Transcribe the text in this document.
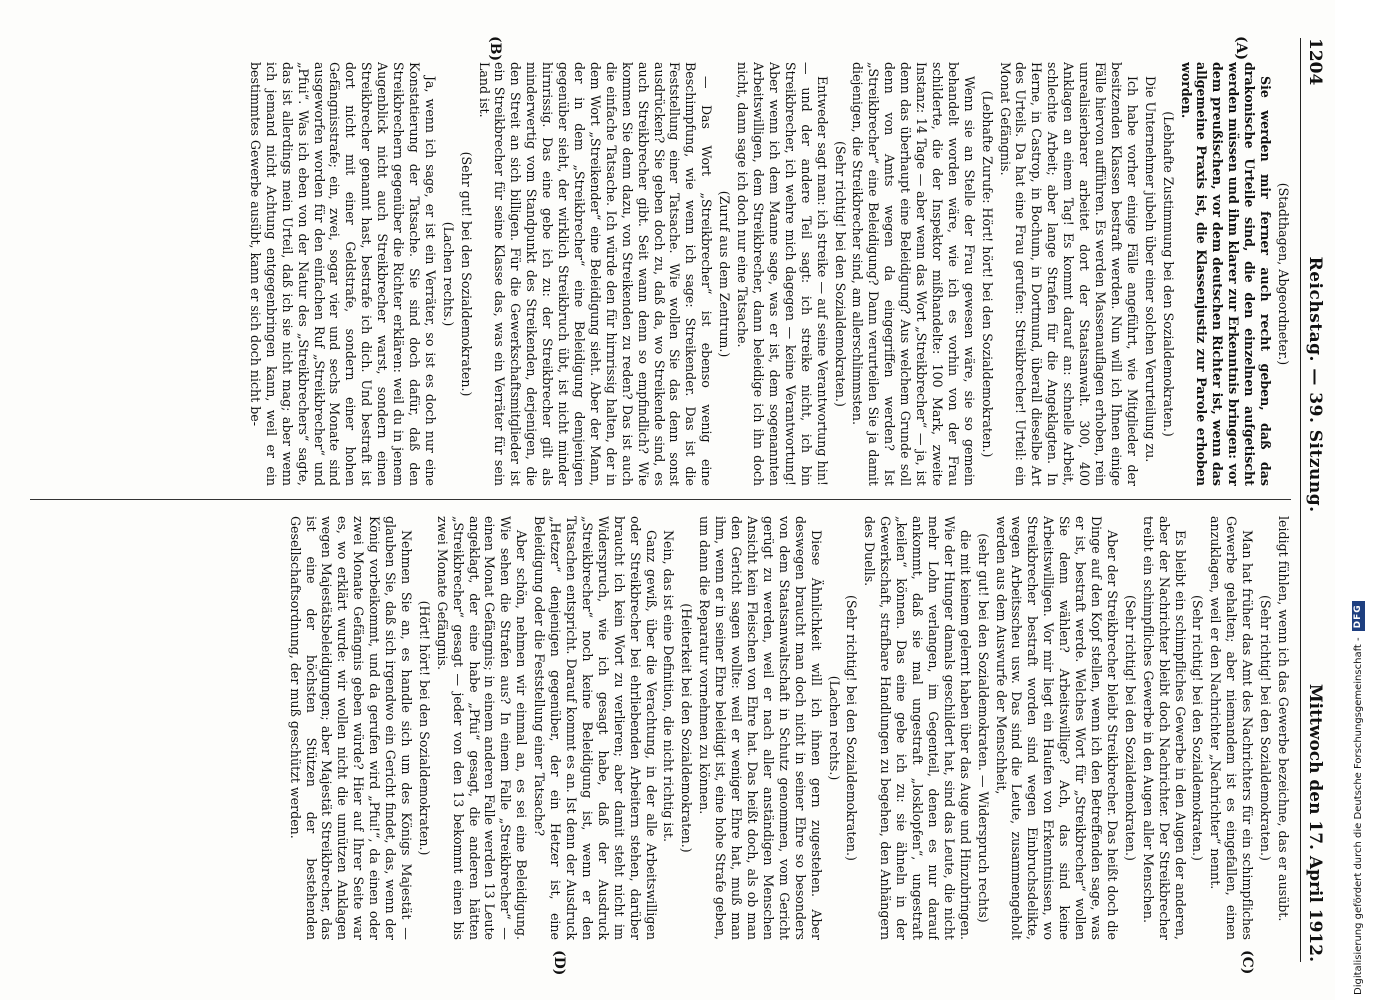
1204
Reichstag. — 39. Sitzung.
Mittwoch den 17. April 1912.
(A)
(B)
(C)
(D)

(Stadthagen, Abgeordneter.)

Sie werden mir ferner auch recht geben, daß das drakonische Urteile sind, die den einzelnen aufgetischt werden müssen und ihm klarer zur Erkenntnis bringen: vor dem preußischen, vor dem deutschen Richter ist, wenn das allgemeine Praxis ist, die Klassenjustiz zur Parole erhoben worden.

(Lebhafte Zustimmung bei den Sozialdemokraten.)

Die Unternehmer jubeln über einer solchen Verurteilung zu.

Ich habe vorher einige Fälle angeführt, wie Mitglieder der besitzenden Klassen bestraft werden. Nun will ich Ihnen einige Fälle hiervon aufführen. Es werden Massenauflagen erhoben, rein unrealisierbarer arbeitet dort der Staatsanwalt. 300, 400 Anklagen an einem Tag! Es kommt darauf an: schnelle Arbeit, schlechte Arbeit; aber lange Strafen für die Angeklagten. In Herne, in Castrop, in Bochum, in Dortmund, überall dieselbe Art des Urteils. Da hat eine Frau gerufen: Streikbrecher! Urteil: ein Monat Gefängnis.

(Lebhafte Zurufe: Hört! hört! bei den Sozialdemokraten.)

Wenn sie an Stelle der Frau gewesen wäre, sie so gemein behandelt worden wäre, wie ich es vorhin von der Frau schilderte, die der Inspektor mißhandelte: 100 Mark, zweite Instanz: 14 Tage — aber wenn das Wort „Streikbrecher“ — ja, ist denn das überhaupt eine Beleidigung? Aus welchem Grunde soll denn von Amts wegen da eingegriffen werden? Ist „Streikbrecher“ eine Beleidigung? Dann verurteilen Sie ja damit diejenigen, die Streikbrecher sind, am allerschlimmsten.

(Sehr richtig! bei den Sozialdemokraten.)

Entweder sagt man: ich streike — auf seine Verantwortung hin! — und der andere Teil sagt: ich streike nicht, ich bin Streikbrecher, ich wehre mich dagegen — keine Verantwortung! Aber wenn ich dem Manne sage, was er ist, dem sogenannten Arbeitswilligen, dem Streikbrecher, dann beleidige ich ihn doch nicht, dann sage ich doch nur eine Tatsache.

(Zuruf aus dem Zentrum.)

— Das Wort „Streikbrecher“ ist ebenso wenig eine Beschimpfung, wie wenn ich sage: Streikender. Das ist die Feststellung einer Tatsache. Wie wollen Sie das denn sonst ausdrücken? Sie geben doch zu, daß da, wo Streikende sind, es auch Streikbrecher gibt. Seit wann denn so empfindlich? Wie kommen Sie denn dazu, von Streikenden zu reden? Das ist auch die einfache Tatsache. Ich würde den für hirnrissig halten, der in dem Wort „Streikender“ eine Beleidigung sieht. Aber der Mann, der in dem „Streikbrecher“ eine Beleidigung demjenigen gegenüber sieht, der wirklich Streikbruch übt, ist nicht minder hirnrissig. Das eine gebe ich zu: der Streikbrecher gilt als minderwertig vom Standpunkt des Streikenden, derjenigen, die den Streit an sich billigen. Für die Gewerkschaftsmitglieder ist ein Streikbrecher für seine Klasse das, was ein Verräter für sein Land ist.

(Sehr gut! bei den Sozialdemokraten.)

(Lachen rechts.)

Ja, wenn ich sage, er ist ein Verräter, so ist es doch nur eine Konstatierung der Tatsache. Sie sind doch dafür, daß den Streikbrechern gegenüber die Richter erklären: weil du in jenem Augenblick nicht auch Streikbrecher warst, sondern einen Streikbrecher genannt hast, bestrafe ich dich. Und bestraft ist dort nicht mit einer Geldstrafe, sondern einer hohen Gefängnisstrafe; ein, zwei, sogar vier und sechs Monate sind ausgeworfen worden für den einfachen Ruf „Streikbrecher“ und „Pfui“. Was ich eben von der Natur des „Streikbrechers“ sagte, das ist allerdings mein Urteil, daß ich sie nicht mag; aber wenn ich jemand nicht Achtung entgegenbringen kann, weil er ein bestimmtes Gewerbe ausübt, kann er sich doch nicht be-

leidigt fühlen, wenn ich das Gewerbe bezeichne, das er ausübt.

(Sehr richtig! bei den Sozialdemokraten.)

Man hat früher das Amt des Nachrichters für ein schimpfliches Gewerbe gehalten; aber niemandem ist es eingefallen, einen anzuklagen, weil er den Nachrichter „Nachrichter“ nennt.

(Sehr richtig! bei den Sozialdemokraten.)

Es bleibt ein schimpfliches Gewerbe in den Augen der anderen, aber der Nachrichter bleibt doch Nachrichter. Der Streikbrecher treibt ein schimpfliches Gewerbe in den Augen aller Menschen.

(Sehr richtig! bei den Sozialdemokraten.)

Aber der Streikbrecher bleibt Streikbrecher. Das heißt doch die Dinge auf den Kopf stellen, wenn ich den Betreffenden sage, was er ist, bestraft werde. Welches Wort für „Streikbrecher“ wollen Sie denn wählen? Arbeitswillige? Ach, das sind keine Arbeitswilligen. Vor mir liegt ein Haufen von Erkenntnissen, wo Streikbrecher bestraft worden sind wegen Einbruchsdelikte, wegen Arbeitsscheu usw. Das sind die Leute, zusammengeholt werden aus dem Auswurfe der Menschheit,

(sehr gut! bei den Sozialdemokraten. — Widerspruch rechts)

die mit keinem gelernt haben über das Auge und Hinzubringen. Wie der Hunger damals geschildert hat, sind das Leute, die nicht mehr Lohn verlangen, im Gegenteil, denen es nur darauf ankommt, daß sie mal ungestraft „losklopfen“, ungestraft „keilen“ können. Das eine gebe ich zu: sie ähneln in der Gewerkschaft, strafbare Handlungen zu begehen, den Anhängern des Duells.

(Sehr richtig! bei den Sozialdemokraten.)

(Lachen rechts.)

Diese Ähnlichkeit will ich ihnen gern zugestehen. Aber deswegen braucht man doch nicht in seiner Ehre so besonders von dem Staatsanwaltschaft in Schutz genommen, vom Gericht gerügt zu werden, weil er nach aller anständigen Menschen Ansicht kein Fleischen von Ehre hat. Das heißt doch, als ob man den Gericht sagen wollte: weil er weniger Ehre hat, muß man ihm, wenn er in seiner Ehre beleidigt ist, eine hohe Strafe geben, um dann die Reparatur vornehmen zu können.

(Heiterkeit bei den Sozialdemokraten.)

Nein, das ist eine Definition, die nicht richtig ist.

Ganz gewiß, über die Verachtung, in der alle Arbeitswilligen oder Streikbrecher bei ehrliebenden Arbeitern stehen, darüber braucht ich kein Wort zu verlieren; aber damit steht nicht im Widerspruch, wie ich gesagt habe, daß der Ausdruck „Streikbrecher“ noch keine Beleidigung ist, wenn er den Tatsachen entspricht. Darauf kommt es an. Ist denn der Ausdruck „Hetzer“ denjenigen gegenüber, der ein Hetzer ist, eine Beleidigung oder die Feststellung einer Tatsache?

Aber schön, nehmen wir einmal an, es sei eine Beleidigung. Wie sehen die Strafen aus? In einem Falle „Streikbrecher“ — einen Monat Gefängnis; in einem anderen Falle werden 13 Leute angeklagt, der eine habe „Pfui“ gesagt, die anderen hätten „Streikbrecher“ gesagt — jeder von den 13 bekommt einen bis zwei Monate Gefängnis.

(Hört! hört! bei den Sozialdemokraten.)

Nehmen Sie an, es handle sich um des Königs Majestät — glauben Sie, daß sich irgendwo ein Gericht findet, das, wenn der König vorbeikommt, und da gerufen wird „Pfui!“, da einen oder zwei Monate Gefängnis geben würde? Hier auf Ihrer Seite war es, wo erklärt wurde: wir wollen nicht die unnützen Anklagen wegen Majestätsbeleidigungen; aber Majestät Streikbrecher, das ist eine der höchsten Stützen der bestehenden Gesellschaftsordnung, der muß geschützt werden.	Digitalisierung gefördert durch die Deutsche Forschungsgemeinschaft -DFG
